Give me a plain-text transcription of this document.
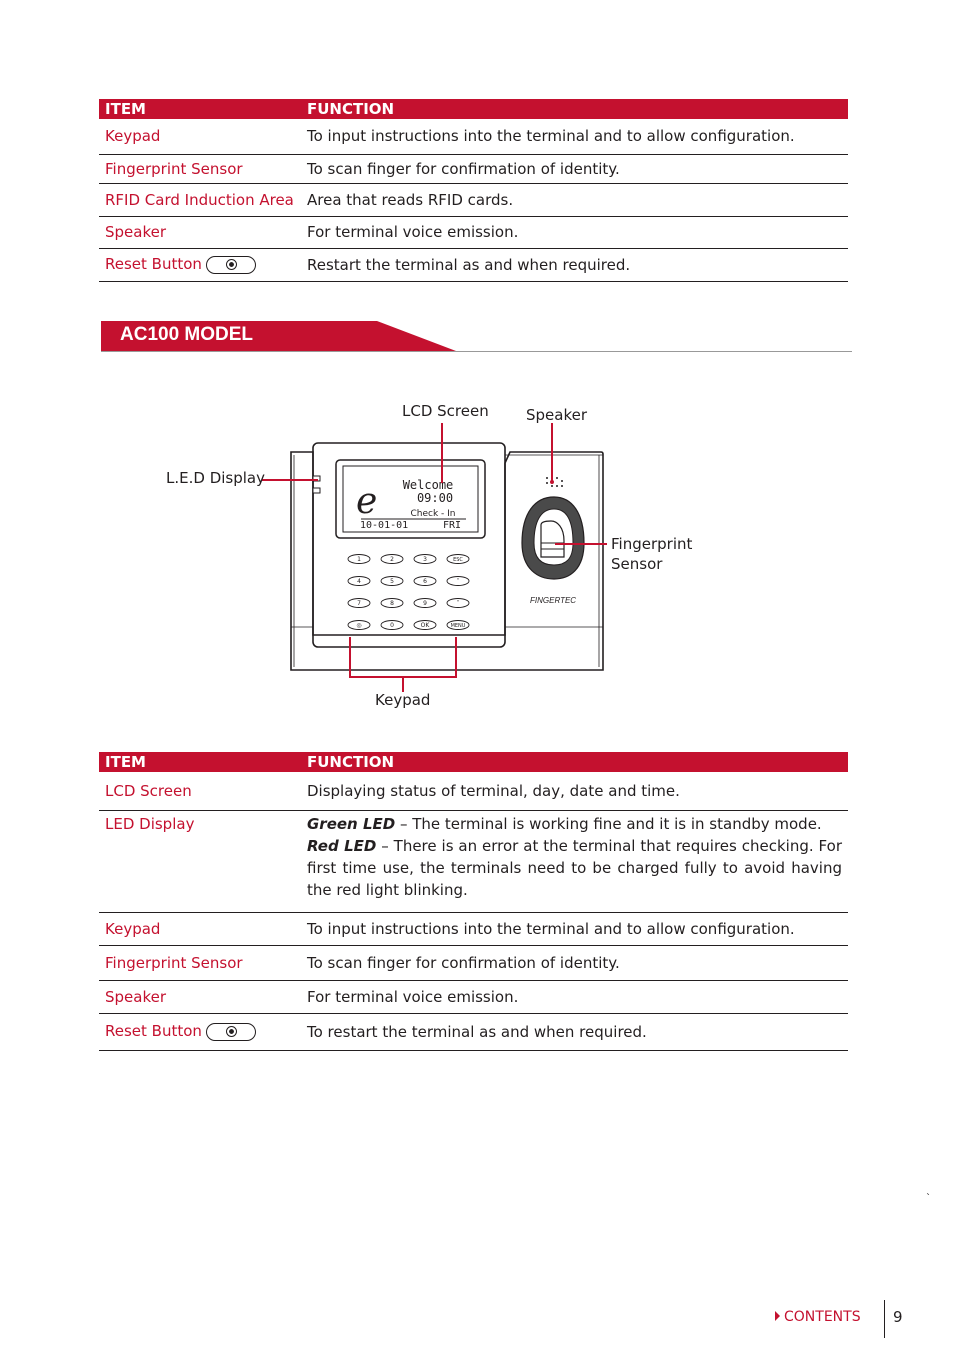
ITEM	FUNCTION
Keypad	To input instructions into the terminal and to allow configuration.
Fingerprint Sensor	To scan finger for confirmation of identity.
RFID Card Induction Area	Area that reads RFID cards.
Speaker	For terminal voice emission.
Reset Button	Restart the terminal as and when required.
AC100 MODEL
e Welcome
09:00
Check - In
10-01-01	FRI
1	2	3	ESC
4	5	6	˄
7	8	9	˅
◎	0	OK	MENU
FINGERTEC
LCD Screen Speaker
L.E.D Display
Fingerprint
Sensor
Keypad
ITEM	FUNCTION
LCD Screen	Displaying status of terminal, day, date and time.
LED Display	Green LED – The terminal is working fine and it is in standby mode.
Red LED – There is an error at the terminal that requires checking. For first time use, the terminals need to be charged fully to avoid having the red light blinking.
Keypad	To input instructions into the terminal and to allow configuration.
Fingerprint Sensor	To scan finger for confirmation of identity.
Speaker	For terminal voice emission.
Reset Button	To restart the terminal as and when required.
`
CONTENTS 9
